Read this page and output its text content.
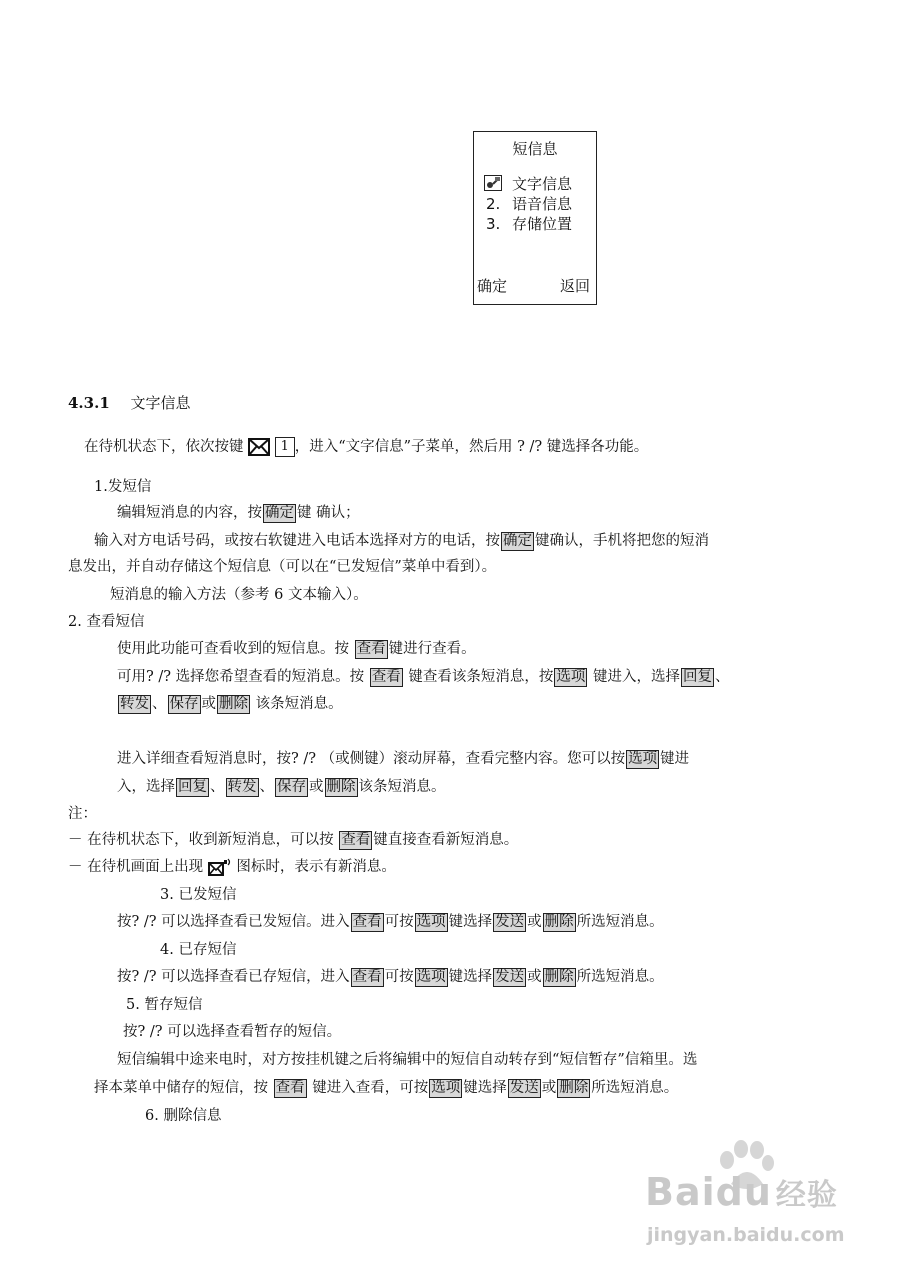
短信息
文字信息
2. 语音信息
3. 存储位置
确定	返回
4.3.1 文字信息
在待机状态下，依次按键	1 ，进入“文字信息”子菜单，然后用 ? /? 键选择各功能。
1.发短信
编辑短消息的内容，按 确定 键 确认；
输入对方电话号码，或按右软键进入电话本选择对方的电话，按 确定 键确认，手机将把您的短消
息发出，并自动存储这个短信息（可以在“已发短信”菜单中看到）。
短消息的输入方法（参考 6 文本输入）。
2. 查看短信
使用此功能可查看收到的短信息。按 查看 键进行查看。
可用? /? 选择您希望查看的短消息。按 查看 键查看该条短消息，按 选项 键进入，选择 回复 、
转发 、 保存 或 删除 该条短消息。
进入详细查看短消息时，按? /? （或侧键）滚动屏幕，查看完整内容。您可以按 选项 键进
入，选择 回复 、 转发 、 保存 或 删除 该条短消息。
注：
－ 在待机状态下，收到新短消息，可以按 查看 键直接查看新短消息。
－ 在待机画面上出现  图标时，表示有新消息。
3. 已发短信
按? /? 可以选择查看已发短信。进入 查看 可按 选项 键选择 发送 或 删除 所选短消息。
4. 已存短信
按? /? 可以选择查看已存短信，进入 查看 可按 选项 键选择 发送 或 删除 所选短消息。
5. 暂存短信
按? /? 可以选择查看暂存的短信。
短信编辑中途来电时，对方按挂机键之后将编辑中的短信自动转存到“短信暂存”信箱里。选
择本菜单中储存的短信，按 查看 键进入查看，可按 选项 键选择 发送 或 删除 所选短消息。
6. 删除信息
Baidu 经验
jingyan.baidu.com
